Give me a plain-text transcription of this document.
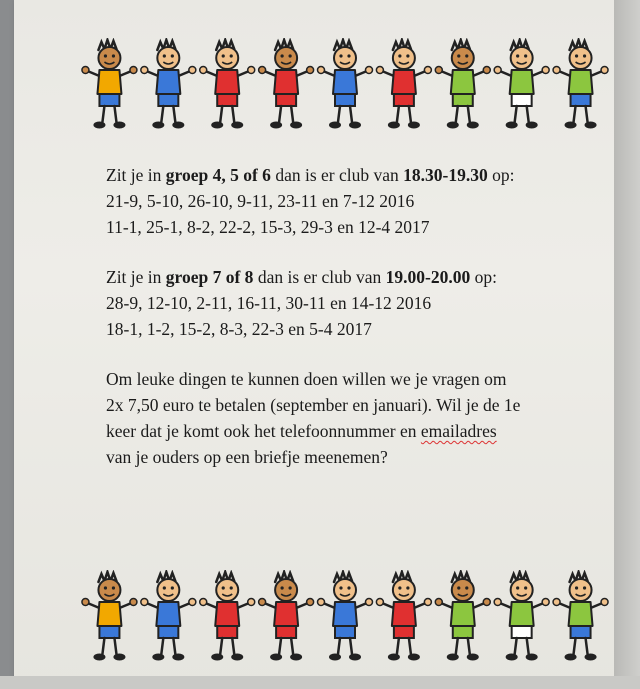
Zit je in groep 4, 5 of 6 dan is er club van 18.30-19.30 op:

21-9, 5-10, 26-10, 9-11, 23-11 en 7-12 2016

11-1, 25-1, 8-2, 22-2, 15-3, 29-3 en 12-4 2017

Zit je in groep 7 of 8 dan is er club van 19.00-20.00 op:

28-9, 12-10, 2-11, 16-11, 30-11 en 14-12 2016

18-1, 1-2, 15-2, 8-3, 22-3 en 5-4 2017

Om leuke dingen te kunnen doen willen we je vragen om

2x 7,50 euro te betalen (september en januari). Wil je de 1e

keer dat je komt ook het telefoonnummer en emailadres

van je ouders op een briefje meenemen?
